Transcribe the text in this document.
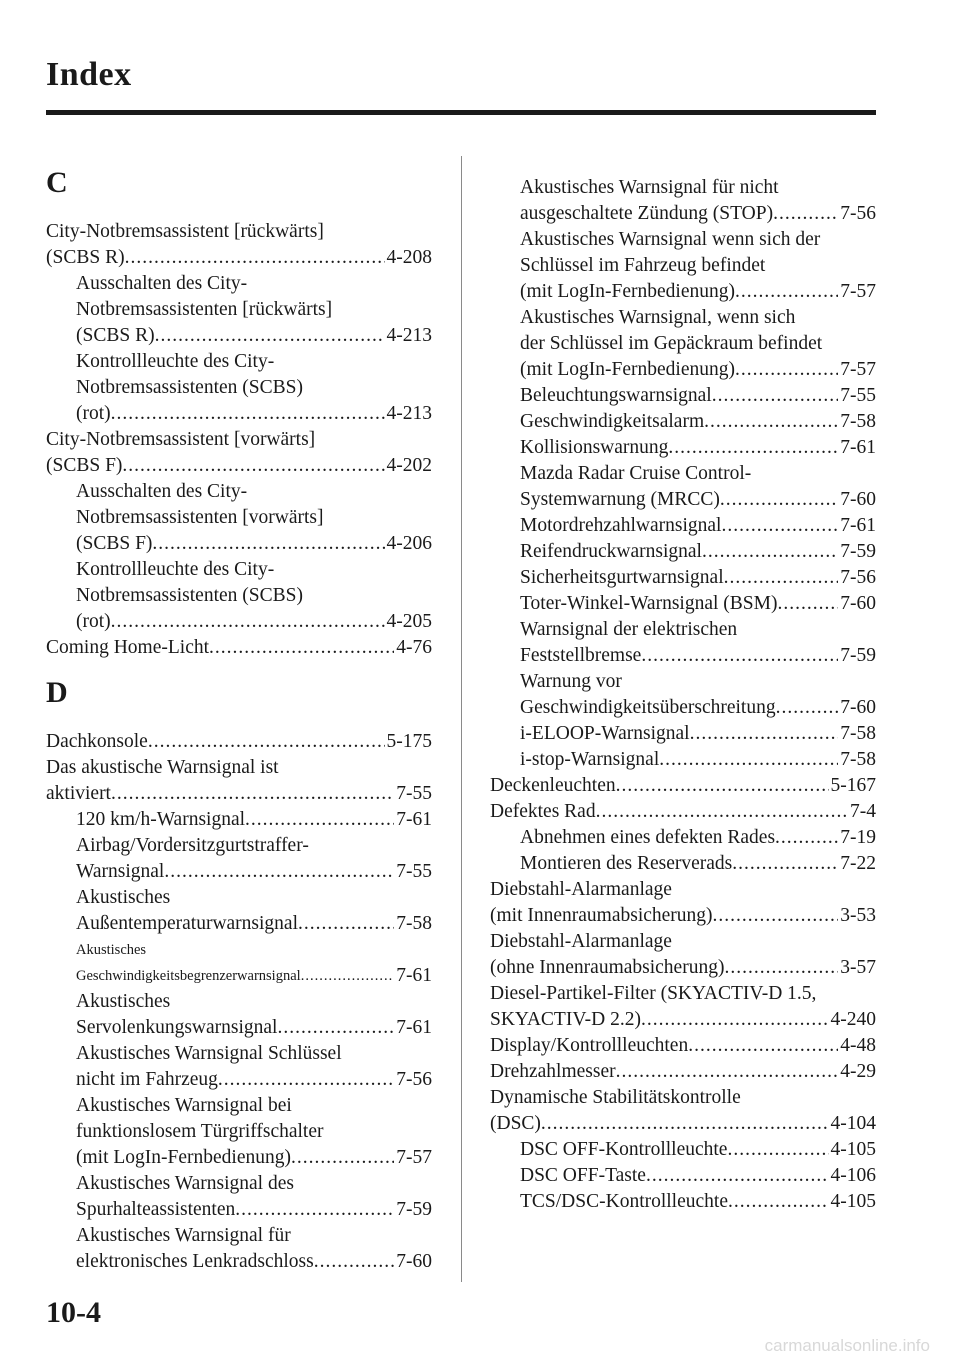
Index
C
City-Notbremsassistent [rückwärts]
(SCBS R) .....	4-208
Ausschalten des City-
Notbremsassistenten [rückwärts]
(SCBS R) .....	4-213
Kontrollleuchte des City-
Notbremsassistenten (SCBS)
(rot) .....	4-213
City-Notbremsassistent [vorwärts]
(SCBS F) .....	4-202
Ausschalten des City-
Notbremsassistenten [vorwärts]
(SCBS F) .....	4-206
Kontrollleuchte des City-
Notbremsassistenten (SCBS)
(rot) .....	4-205
Coming Home-Licht .....	4-76
D
Dachkonsole .....	5-175
Das akustische Warnsignal ist
aktiviert .....	7-55
120 km/h-Warnsignal .....	7-61
Airbag/Vordersitzgurtstraffer-
Warnsignal .....	7-55
Akustisches
Außentemperaturwarnsignal .....	7-58
Akustisches
Geschwindigkeitsbegrenzerwarnsignal .....	7-61
Akustisches
Servolenkungswarnsignal .....	7-61
Akustisches Warnsignal Schlüssel
nicht im Fahrzeug .....	7-56
Akustisches Warnsignal bei
funktionslosem Türgriffschalter
(mit LogIn-Fernbedienung) .....	7-57
Akustisches Warnsignal des
Spurhalteassistenten .....	7-59
Akustisches Warnsignal für
elektronisches Lenkradschloss .....	7-60
Akustisches Warnsignal für nicht
ausgeschaltete Zündung (STOP) .....	7-56
Akustisches Warnsignal wenn sich der
Schlüssel im Fahrzeug befindet
(mit LogIn-Fernbedienung) .....	7-57
Akustisches Warnsignal, wenn sich
der Schlüssel im Gepäckraum befindet
(mit LogIn-Fernbedienung) .....	7-57
Beleuchtungswarnsignal .....	7-55
Geschwindigkeitsalarm .....	7-58
Kollisionswarnung .....	7-61
Mazda Radar Cruise Control-
Systemwarnung (MRCC) .....	7-60
Motordrehzahlwarnsignal .....	7-61
Reifendruckwarnsignal .....	7-59
Sicherheitsgurtwarnsignal .....	7-56
Toter-Winkel-Warnsignal (BSM) .....	7-60
Warnsignal der elektrischen
Feststellbremse .....	7-59
Warnung vor
Geschwindigkeitsüberschreitung .....	7-60
i-ELOOP-Warnsignal .....	7-58
i-stop-Warnsignal .....	7-58
Deckenleuchten .....	5-167
Defektes Rad .....	7-4
Abnehmen eines defekten Rades .....	7-19
Montieren des Reserverads .....	7-22
Diebstahl-Alarmanlage
(mit Innenraumabsicherung) .....	3-53
Diebstahl-Alarmanlage
(ohne Innenraumabsicherung) .....	3-57
Diesel-Partikel-Filter (SKYACTIV-D 1.5,
SKYACTIV-D 2.2) .....	4-240
Display/Kontrollleuchten .....	4-48
Drehzahlmesser .....	4-29
Dynamische Stabilitätskontrolle
(DSC) .....	4-104
DSC OFF-Kontrollleuchte .....	4-105
DSC OFF-Taste .....	4-106
TCS/DSC-Kontrollleuchte .....	4-105
10-4
carmanualsonline.info
